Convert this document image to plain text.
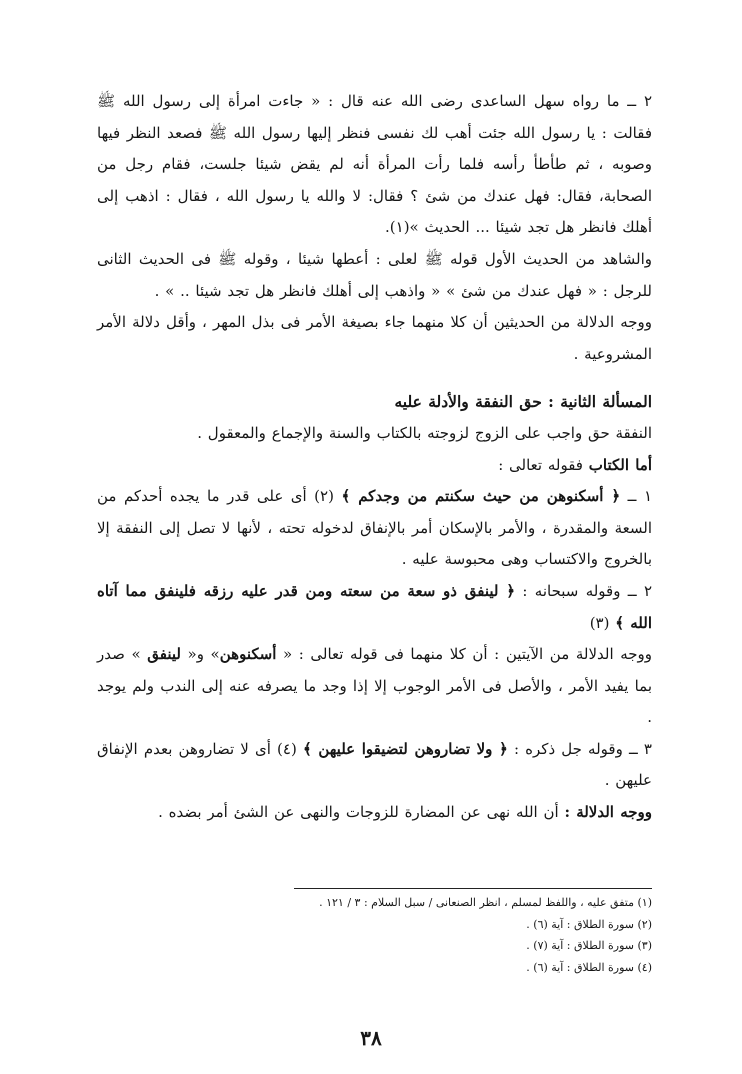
٢ ــ ما رواه سهل الساعدى رضى الله عنه قال : « جاءت امرأة إلى رسول الله ﷺ فقالت : يا رسول الله جئت أهب لك نفسى فنظر إليها رسول الله ﷺ فصعد النظر فيها وصوبه ، ثم طأطأ رأسه فلما رأت المرأة أنه لم يقض شيئا جلست، فقام رجل من الصحابة، فقال: فهل عندك من شئ ؟ فقال: لا والله يا رسول الله ، فقال : اذهب إلى أهلك فانظر هل تجد شيئا ... الحديث »(١).

والشاهد من الحديث الأول قوله ﷺ لعلى : أعطها شيئا ، وقوله ﷺ فى الحديث الثانى للرجل : « فهل عندك من شئ » « واذهب إلى أهلك فانظر هل تجد شيئا .. » .

ووجه الدلالة من الحديثين أن كلا منهما جاء بصيغة الأمر فى بذل المهر ، وأقل دلالة الأمر المشروعية .

المسألة الثانية : حق النفقة والأدلة عليه

النفقة حق واجب على الزوج لزوجته بالكتاب والسنة والإجماع والمعقول .

أما الكتاب فقوله تعالى :

١ ــ ﴿ أسكنوهن من حيث سكنتم من وجدكم ﴾ (٢) أى على قدر ما يجده أحدكم من السعة والمقدرة ، والأمر بالإسكان أمر بالإنفاق لدخوله تحته ، لأنها لا تصل إلى النفقة إلا بالخروج والاكتساب وهى محبوسة عليه .

٢ ــ وقوله سبحانه : ﴿ لينفق ذو سعة من سعته ومن قدر عليه رزقه فلينفق مما آتاه الله ﴾ (٣)

ووجه الدلالة من الآيتين : أن كلا منهما فى قوله تعالى : « أسكنوهن» و« لينفق » صدر بما يفيد الأمر ، والأصل فى الأمر الوجوب إلا إذا وجد ما يصرفه عنه إلى الندب ولم يوجد .

٣ ــ وقوله جل ذكره : ﴿ ولا تضاروهن لتضيقوا عليهن ﴾ (٤) أى لا تضاروهن بعدم الإنفاق عليهن .

ووجه الدلالة : أن الله نهى عن المضارة للزوجات والنهى عن الشئ أمر بضده .

(١) متفق عليه ، واللفظ لمسلم ، انظر الصنعانى / سبل السلام : ٣ / ١٢١ .
(٢) سورة الطلاق : آية (٦) .
(٣) سورة الطلاق : آية (٧) .
(٤) سورة الطلاق : آية (٦) .
٣٨
